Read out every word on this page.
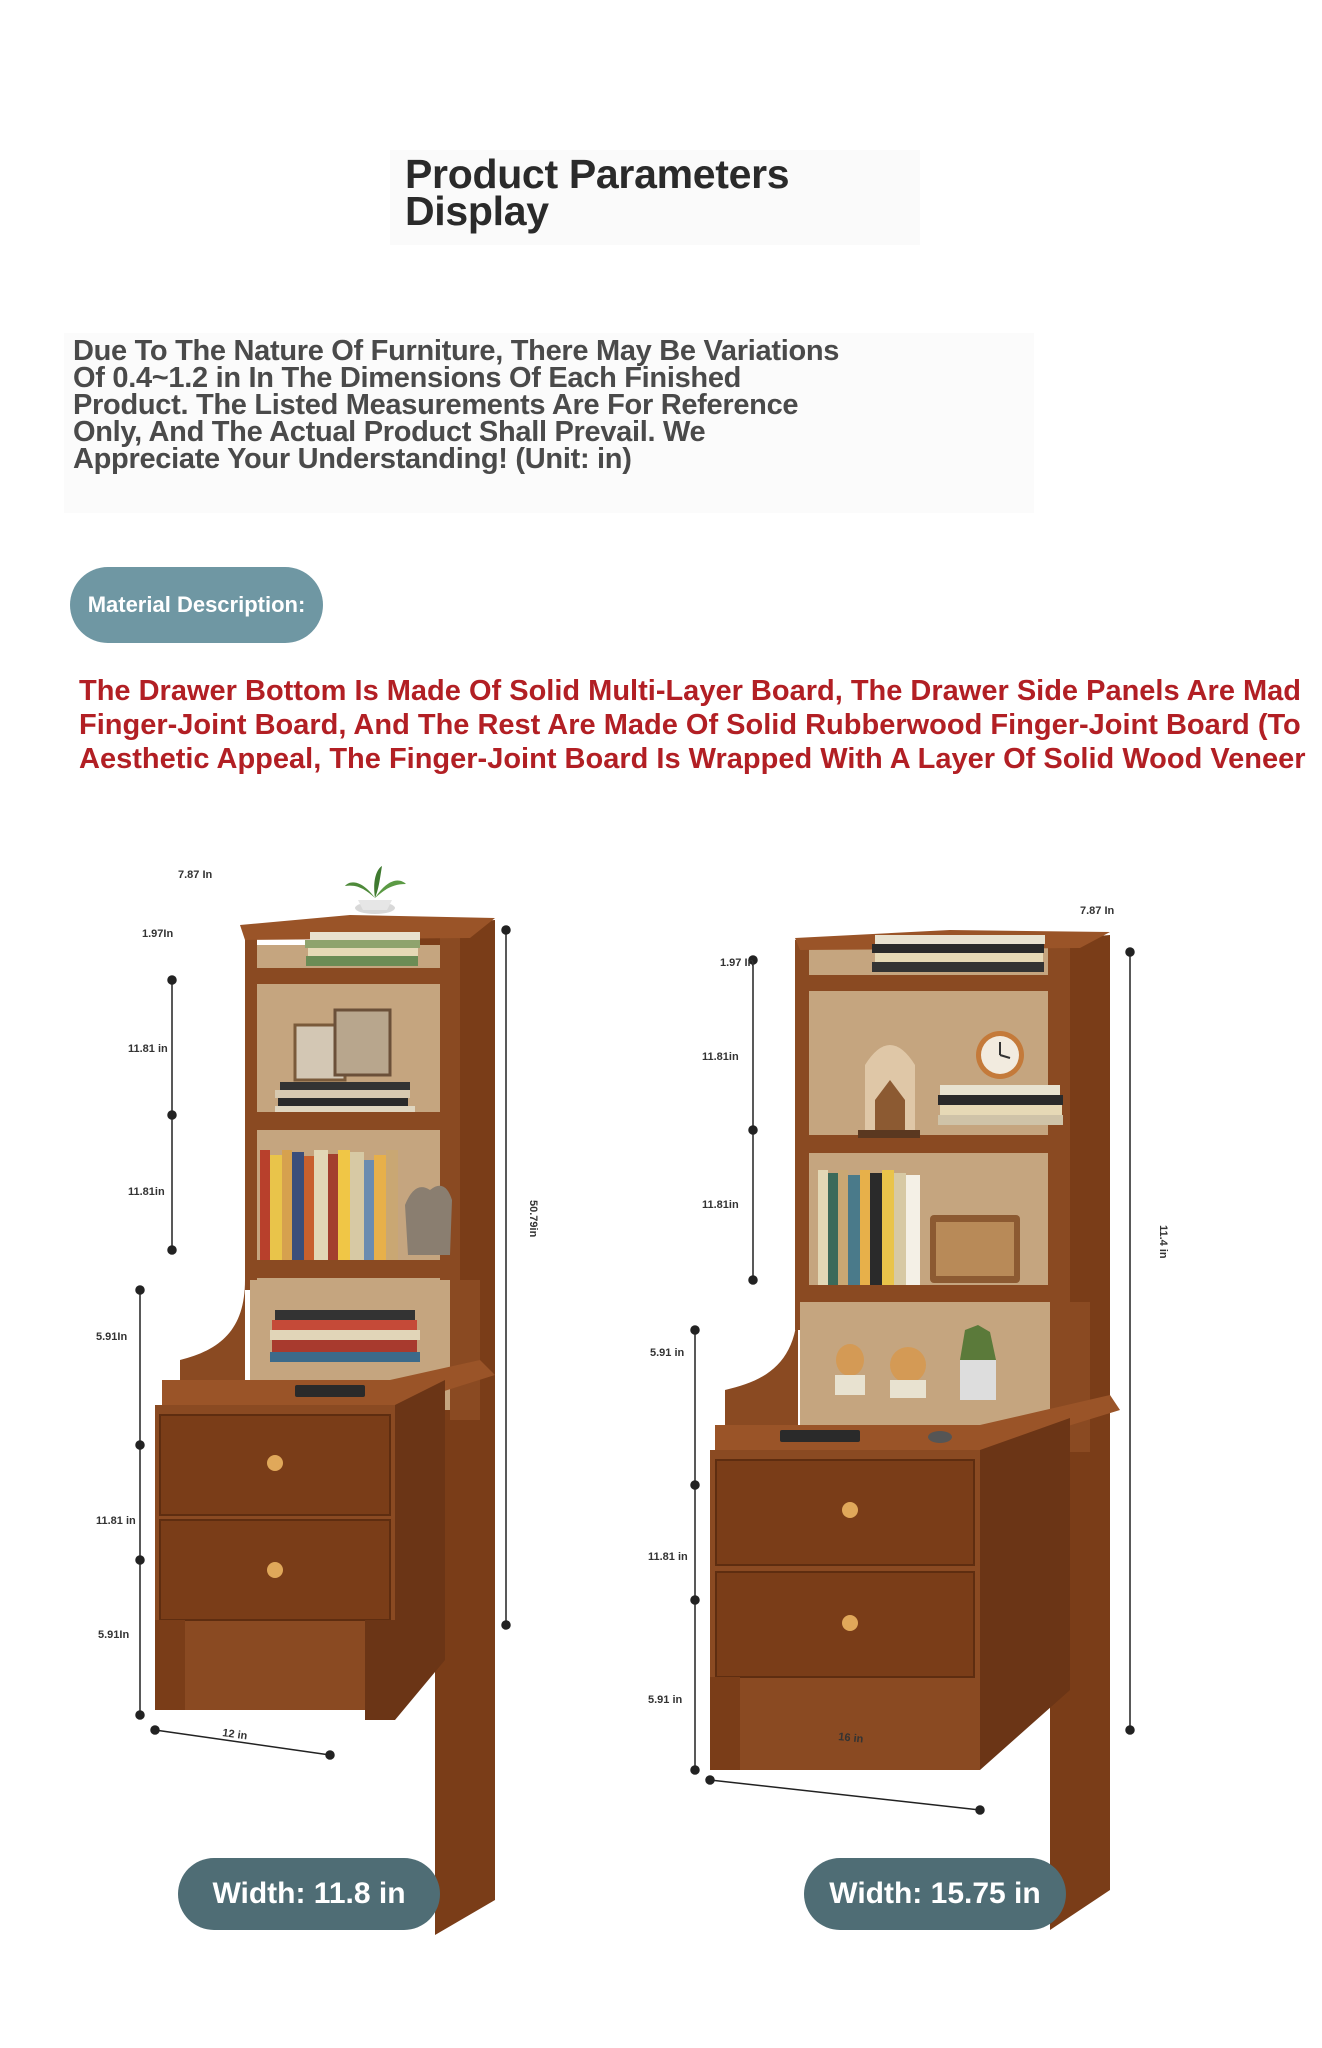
Product Parameters
Display

Due To The Nature Of Furniture, There May Be Variations
Of 0.4~1.2 in In The Dimensions Of Each Finished
Product. The Listed Measurements Are For Reference
Only, And The Actual Product Shall Prevail. We
Appreciate Your Understanding! (Unit: in)

Material Description:

The Drawer Bottom Is Made Of Solid Multi-Layer Board, The Drawer Side Panels Are Mad
Finger-Joint Board, And The Rest Are Made Of Solid Rubberwood Finger-Joint Board (To
Aesthetic Appeal, The Finger-Joint Board Is Wrapped With A Layer Of Solid Wood Veneer

7.87 In
1.97In
11.81 in
11.81in
5.91In
11.81 in
5.91In
50.79in
12 in
7.87 In
1.97 In
11.81in
11.81in
5.91 in
11.81 in
5.91 in
11.4 in
16 in
Width: 11.8 in	Width: 15.75 in
